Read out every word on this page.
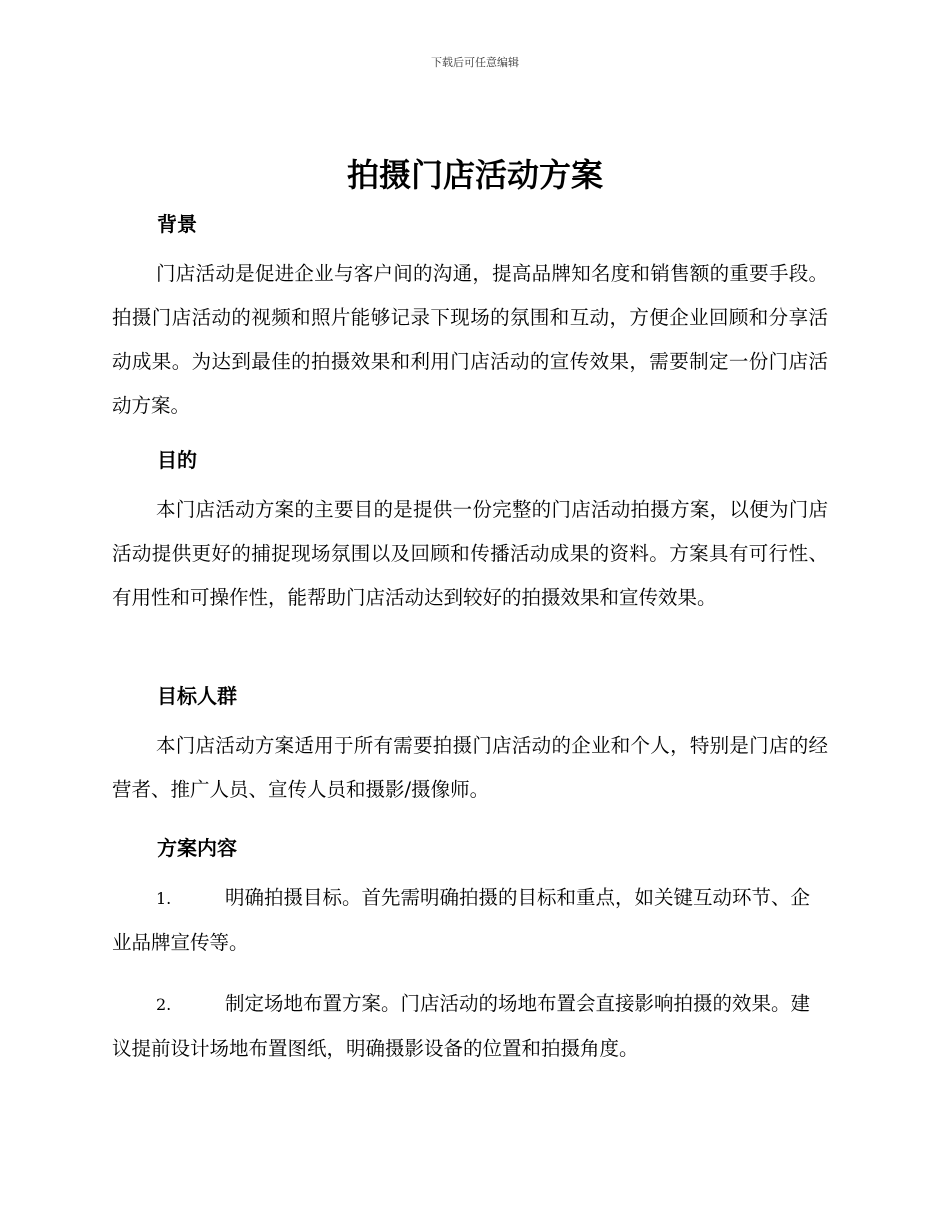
下载后可任意编辑
拍摄门店活动方案
背景

门店活动是促进企业与客户间的沟通，提高品牌知名度和销售额的重要手段。拍摄门店活动的视频和照片能够记录下现场的氛围和互动，方便企业回顾和分享活动成果。为达到最佳的拍摄效果和利用门店活动的宣传效果，需要制定一份门店活动方案。

目的

本门店活动方案的主要目的是提供一份完整的门店活动拍摄方案，以便为门店活动提供更好的捕捉现场氛围以及回顾和传播活动成果的资料。方案具有可行性、有用性和可操作性，能帮助门店活动达到较好的拍摄效果和宣传效果。

目标人群

本门店活动方案适用于所有需要拍摄门店活动的企业和个人，特别是门店的经营者、推广人员、宣传人员和摄影/摄像师。

方案内容

1.	明确拍摄目标。首先需明确拍摄的目标和重点，如关键互动环节、企业品牌宣传等。

2.	制定场地布置方案。门店活动的场地布置会直接影响拍摄的效果。建议提前设计场地布置图纸，明确摄影设备的位置和拍摄角度。
